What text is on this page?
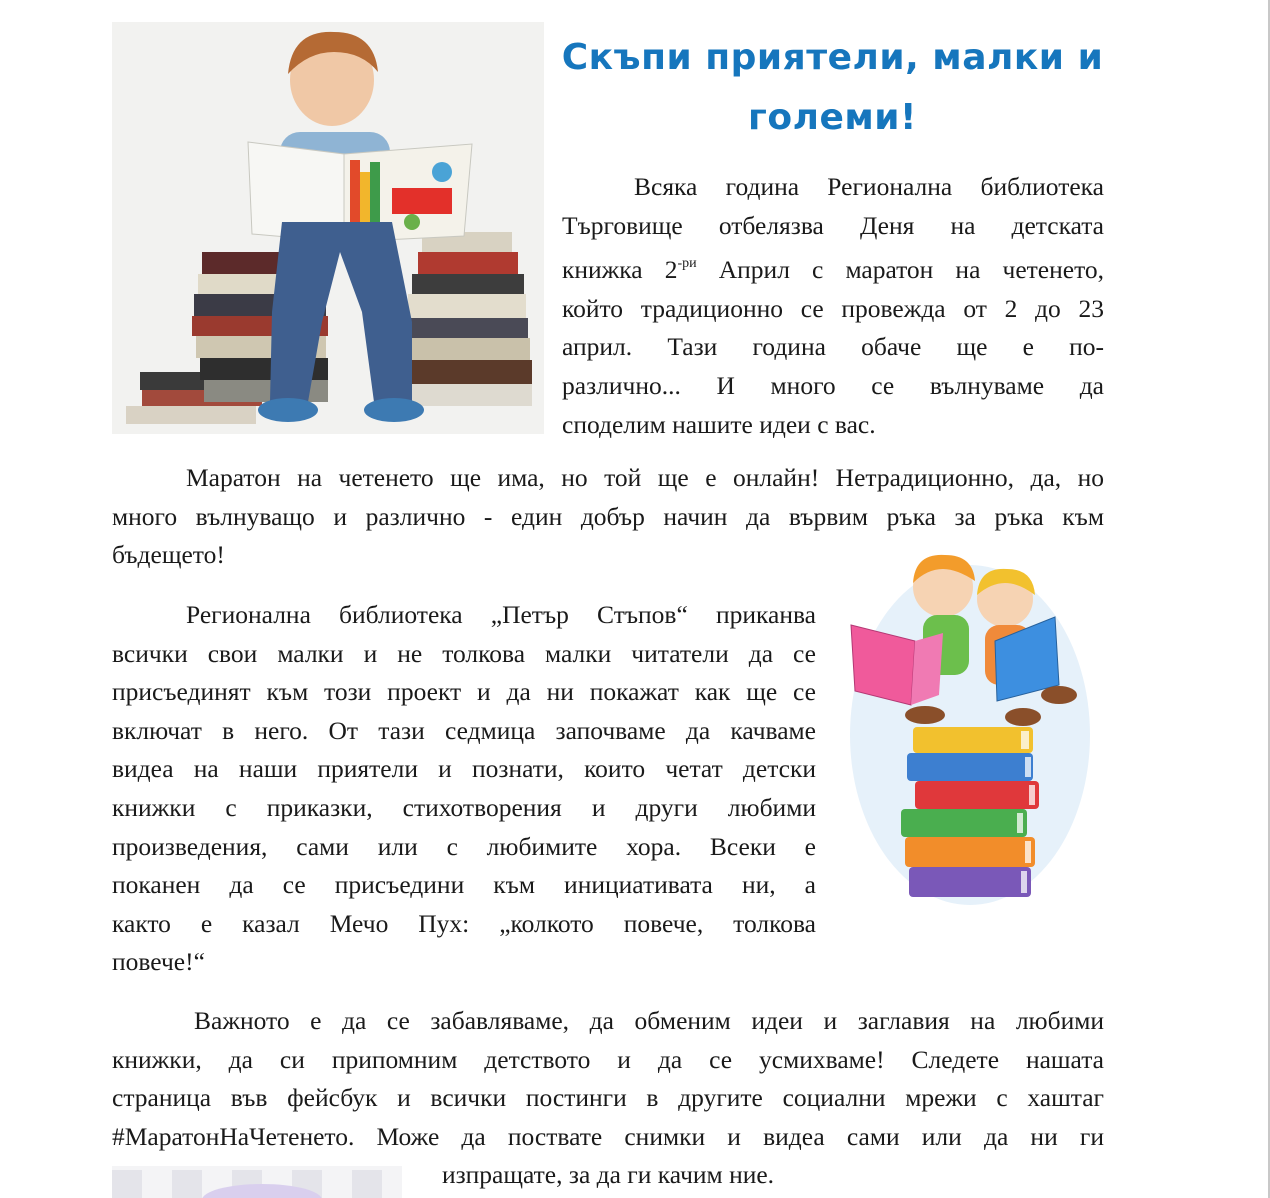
Скъпи приятели, малки и
големи!
Всяка година Регионална библиотека
Търговище отбелязва Деня на детската
книжка $2^{-ри}$ Април с маратон на четенето,
който традиционно се провежда от 2 до 23
април. Тази година обаче ще е по-
различно... И много се вълнуваме да
споделим нашите идеи с вас.
Маратон на четенето ще има, но той ще е онлайн! Нетрадиционно, да, но
много вълнуващо и различно - един добър начин да вървим ръка за ръка към
бъдещето!
Регионална библиотека „Петър Стъпов“ приканва
всички свои малки и не толкова малки читатели да се
присъединят към този проект и да ни покажат как ще се
включат в него. От тази седмица започваме да качваме
видеа на наши приятели и познати, които четат детски
книжки с приказки, стихотворения и други любими
произведения, сами или с любимите хора. Всеки е
поканен да се присъедини към инициативата ни, а
както е казал Мечо Пух: „колкото повече, толкова
повече!“
Важното е да се забавляваме, да обменим идеи и заглавия на любими
книжки, да си припомним детството и да се усмихваме! Следете нашата
страница във фейсбук и всички постинги в другите социални мрежи с хаштаг
#МаратонНаЧетенето. Може да поствате снимки и видеа сами или да ни ги
изпращате, за да ги качим ние.
